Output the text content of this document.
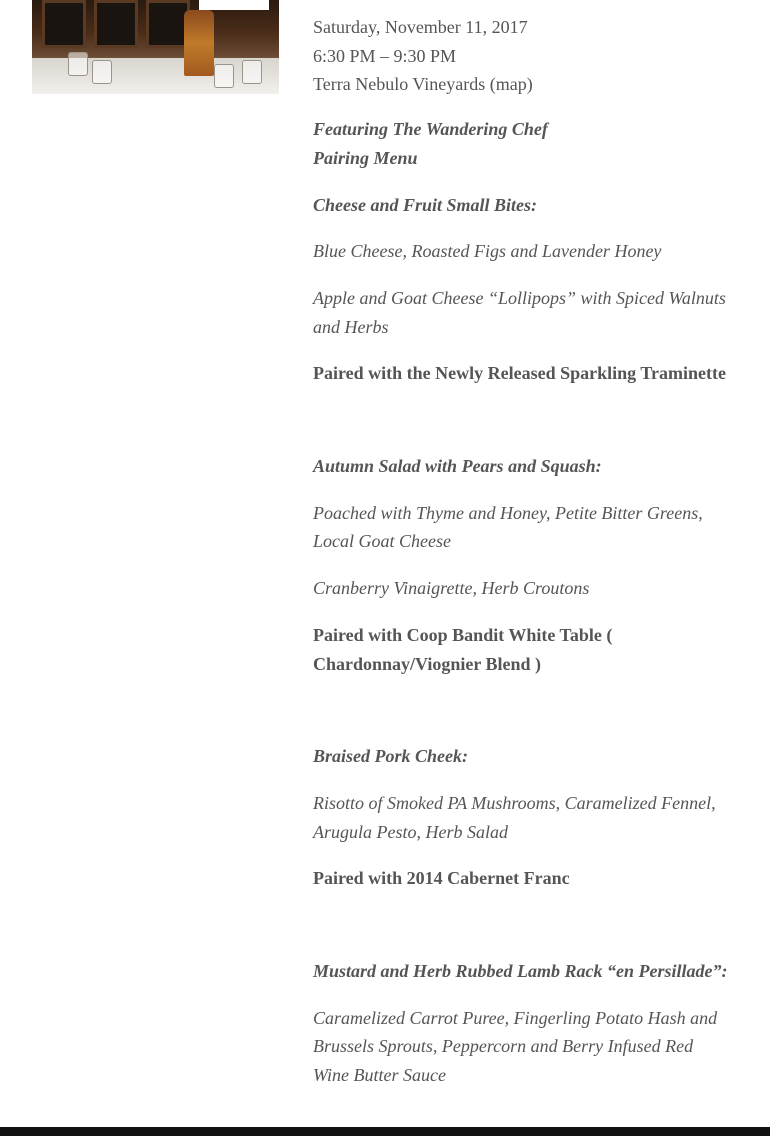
Saturday, November 11, 2017

6:30 PM – 9:30 PM

Terra Nebulo Vineyards (map)

Featuring The Wandering Chef
Pairing Menu

Cheese and Fruit Small Bites:

Blue Cheese, Roasted Figs and Lavender Honey

Apple and Goat Cheese “Lollipops” with Spiced Walnuts and Herbs

Paired with the Newly Released Sparkling Traminette

Autumn Salad with Pears and Squash:

Poached with Thyme and Honey, Petite Bitter Greens, Local Goat Cheese

Cranberry Vinaigrette, Herb Croutons

Paired with Coop Bandit White Table ( Chardonnay/Viognier Blend )

Braised Pork Cheek:

Risotto of Smoked PA Mushrooms, Caramelized Fennel, Arugula Pesto, Herb Salad

Paired with 2014 Cabernet Franc

Mustard and Herb Rubbed Lamb Rack “en Persillade”:

Caramelized Carrot Puree, Fingerling Potato Hash and Brussels Sprouts, Peppercorn and Berry Infused Red Wine Butter Sauce
